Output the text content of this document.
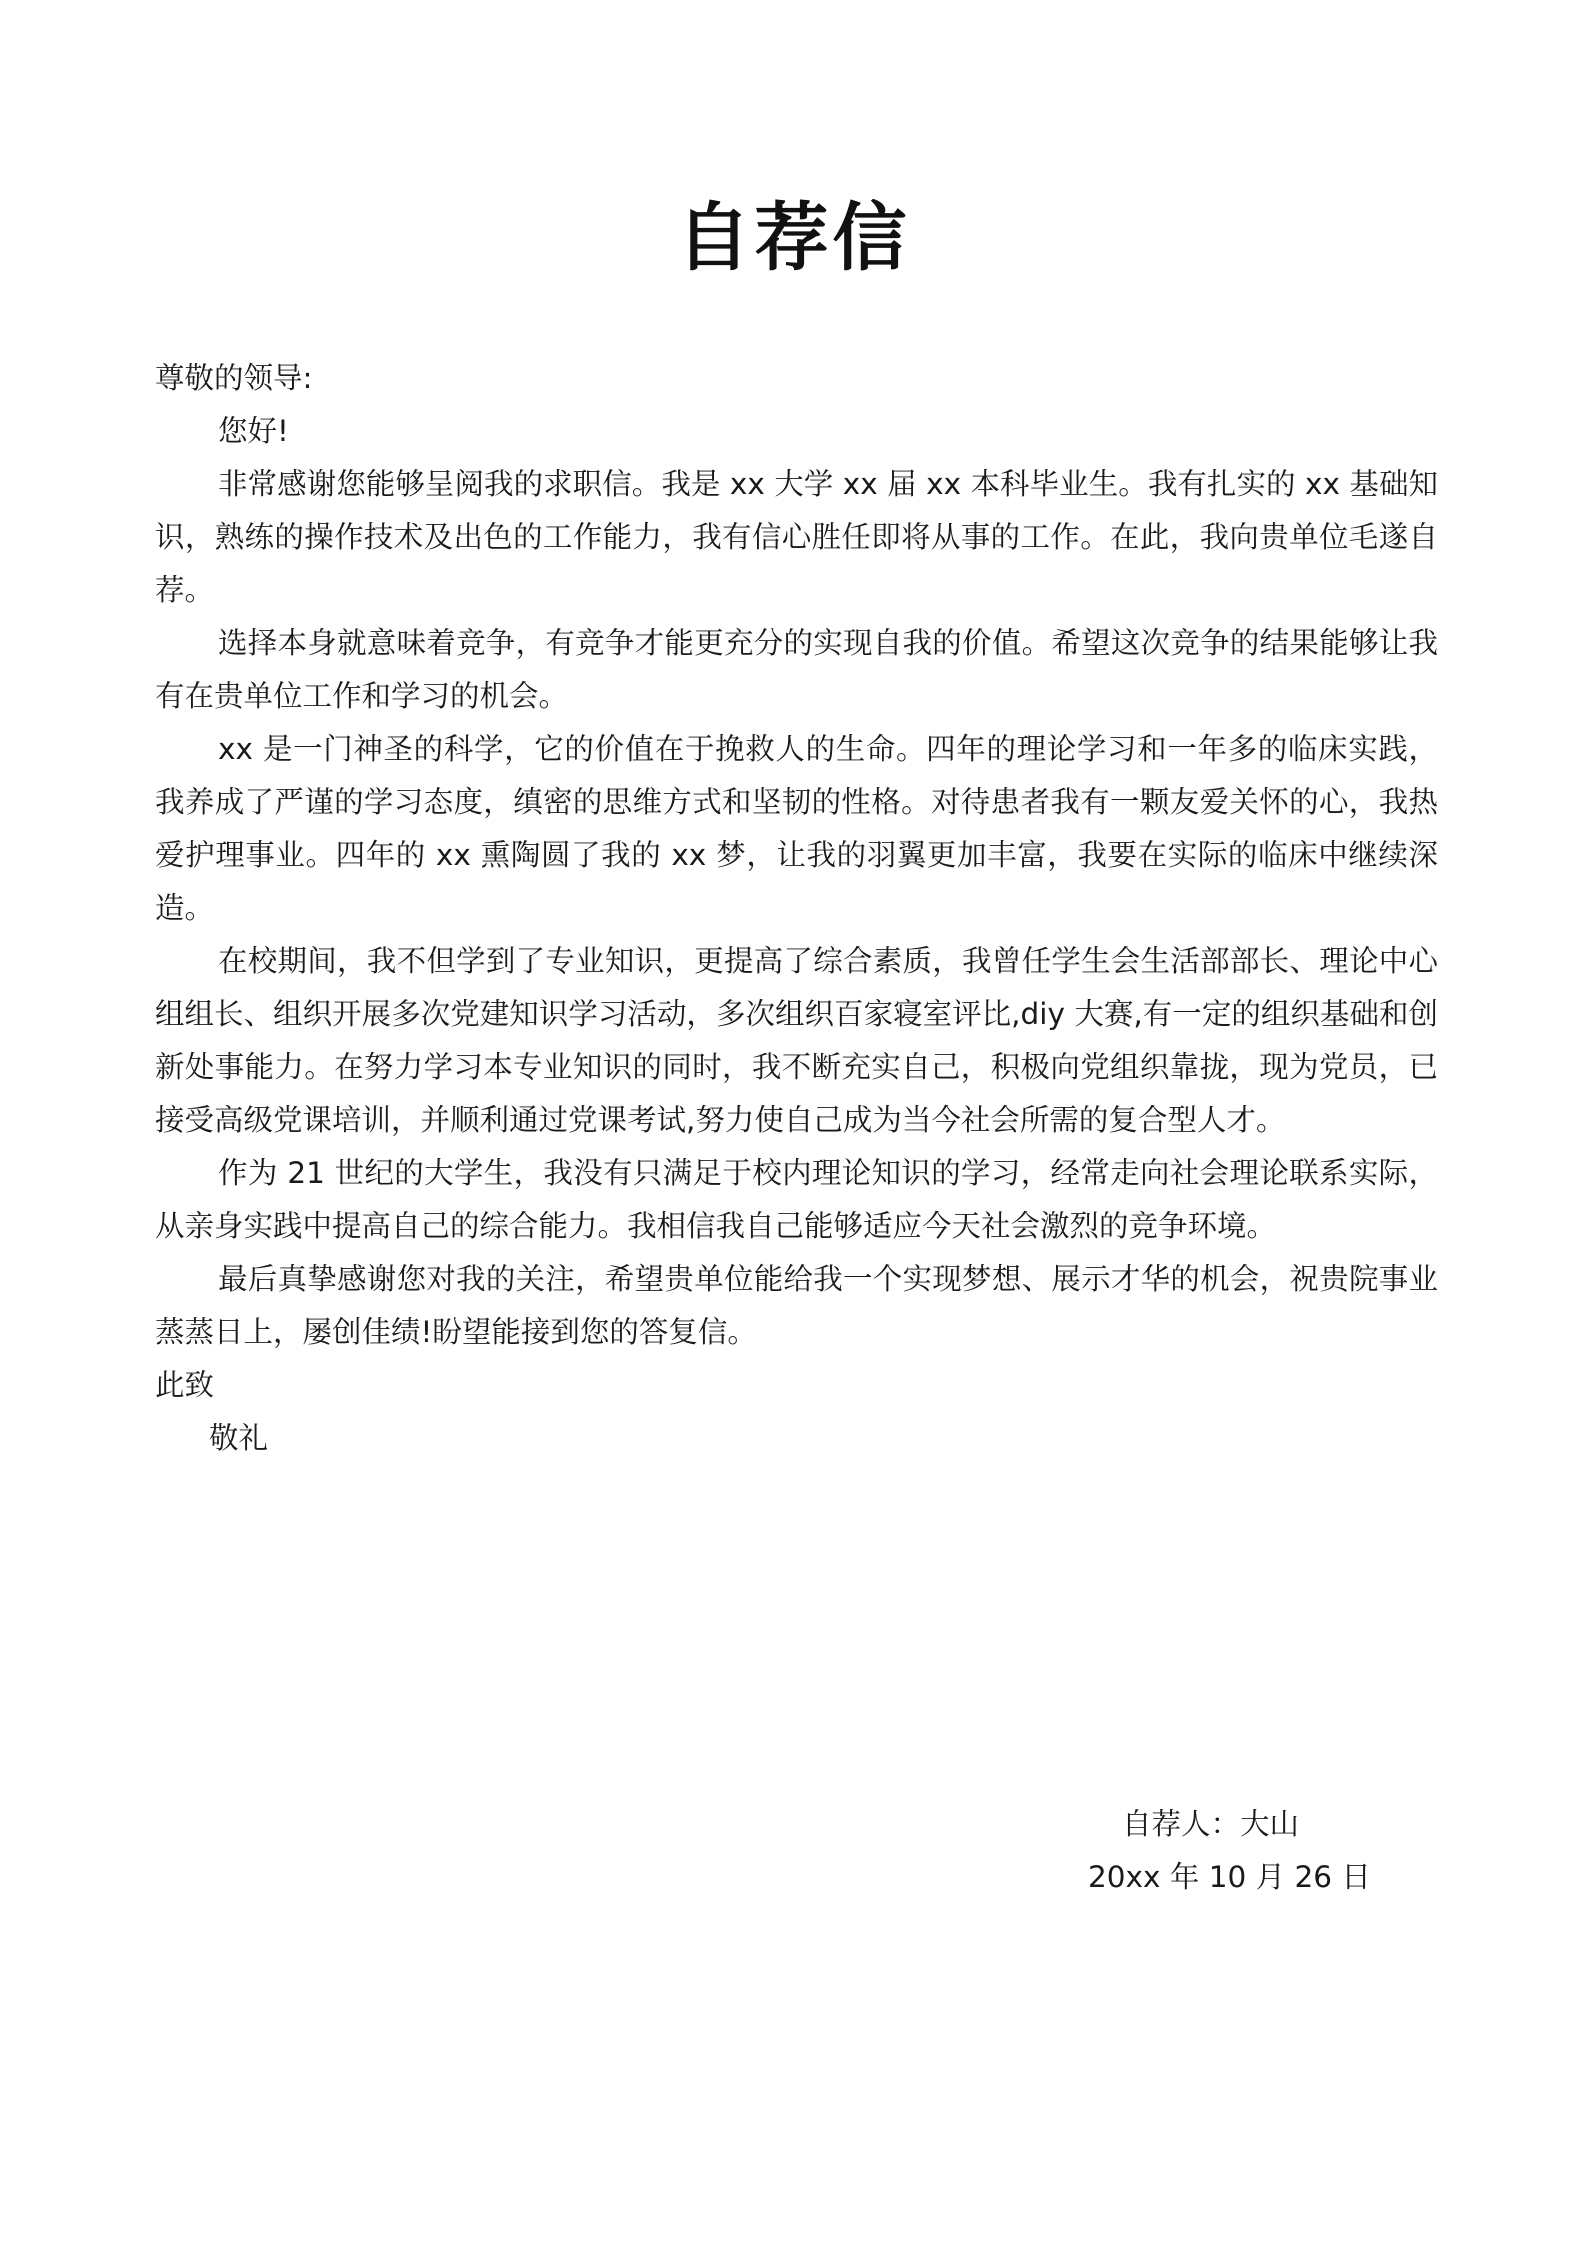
自荐信

尊敬的领导:

您好!

非常感谢您能够呈阅我的求职信。我是 xx 大学 xx 届 xx 本科毕业生。我有扎实的 xx 基础知识，熟练的操作技术及出色的工作能力，我有信心胜任即将从事的工作。在此，我向贵单位毛遂自荐。

选择本身就意味着竞争，有竞争才能更充分的实现自我的价值。希望这次竞争的结果能够让我有在贵单位工作和学习的机会。

xx 是一门神圣的科学，它的价值在于挽救人的生命。四年的理论学习和一年多的临床实践，我养成了严谨的学习态度，缜密的思维方式和坚韧的性格。对待患者我有一颗友爱关怀的心，我热爱护理事业。四年的 xx 熏陶圆了我的 xx 梦，让我的羽翼更加丰富，我要在实际的临床中继续深造。

在校期间，我不但学到了专业知识，更提高了综合素质，我曾任学生会生活部部长、理论中心组组长、组织开展多次党建知识学习活动，多次组织百家寝室评比,diy 大赛,有一定的组织基础和创新处事能力。在努力学习本专业知识的同时，我不断充实自己，积极向党组织靠拢，现为党员，已接受高级党课培训，并顺利通过党课考试,努力使自己成为当今社会所需的复合型人才。

作为 21 世纪的大学生，我没有只满足于校内理论知识的学习，经常走向社会理论联系实际，从亲身实践中提高自己的综合能力。我相信我自己能够适应今天社会激烈的竞争环境。

最后真挚感谢您对我的关注，希望贵单位能给我一个实现梦想、展示才华的机会，祝贵院事业蒸蒸日上，屡创佳绩!盼望能接到您的答复信。

此致

敬礼

自荐人：大山
20xx 年 10 月 26 日
